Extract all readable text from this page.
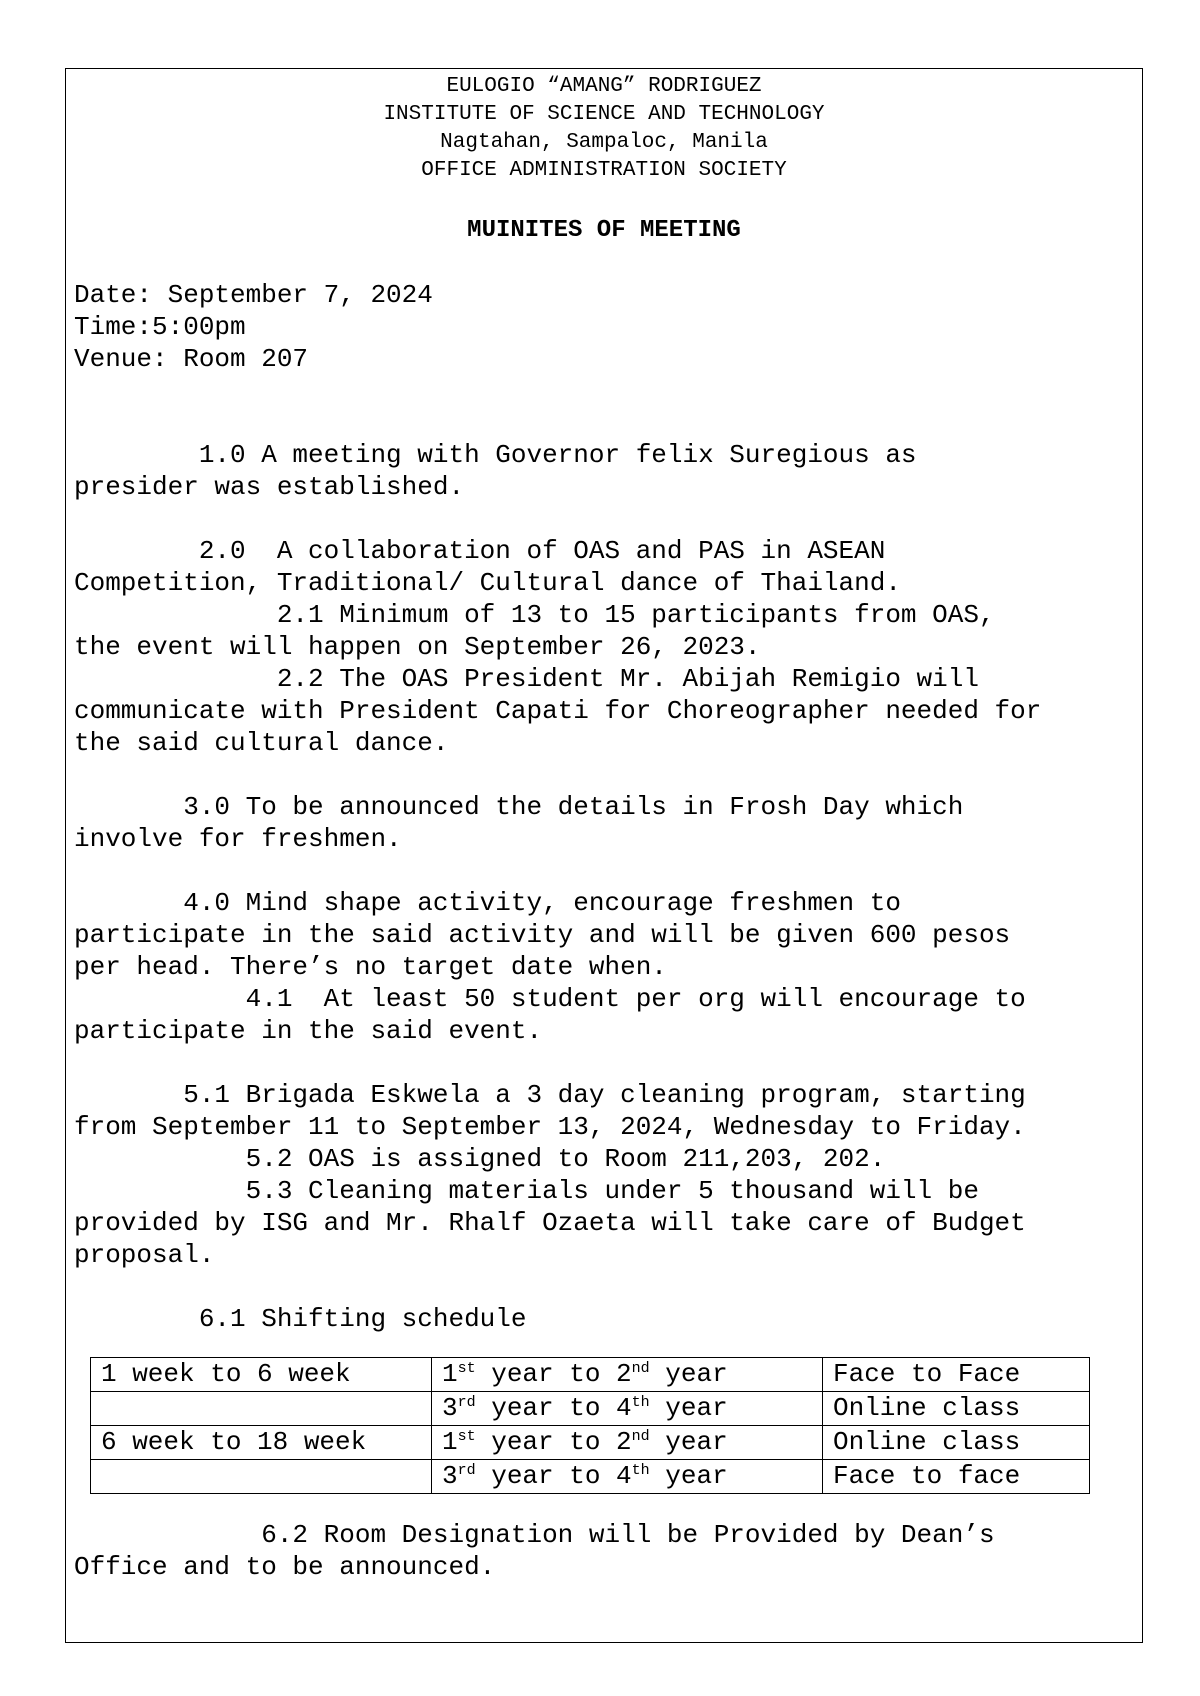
EULOGIO “AMANG” RODRIGUEZ
INSTITUTE OF SCIENCE AND TECHNOLOGY
Nagtahan, Sampaloc, Manila
OFFICE ADMINISTRATION SOCIETY
MUINITES OF MEETING
Date: September 7, 2024
Time:5:00pm
Venue: Room 207
1.0 A meeting with Governor felix Suregious as
presider was established.
2.0  A collaboration of OAS and PAS in ASEAN
Competition, Traditional/ Cultural dance of Thailand.
2.1 Minimum of 13 to 15 participants from OAS,
the event will happen on September 26, 2023.
2.2 The OAS President Mr. Abijah Remigio will
communicate with President Capati for Choreographer needed for
the said cultural dance.
3.0 To be announced the details in Frosh Day which
involve for freshmen.
4.0 Mind shape activity, encourage freshmen to
participate in the said activity and will be given 600 pesos
per head. There’s no target date when.
4.1  At least 50 student per org will encourage to
participate in the said event.
5.1 Brigada Eskwela a 3 day cleaning program, starting
from September 11 to September 13, 2024, Wednesday to Friday.
5.2 OAS is assigned to Room 211,203, 202.
5.3 Cleaning materials under 5 thousand will be
provided by ISG and Mr. Rhalf Ozaeta will take care of Budget
proposal.
6.1 Shifting schedule
1 week to 6 week	1st year to 2nd year	Face to Face
	3rd year to 4th year	Online class
6 week to 18 week	1st year to 2nd year	Online class
	3rd year to 4th year	Face to face
6.2 Room Designation will be Provided by Dean’s
Office and to be announced.
